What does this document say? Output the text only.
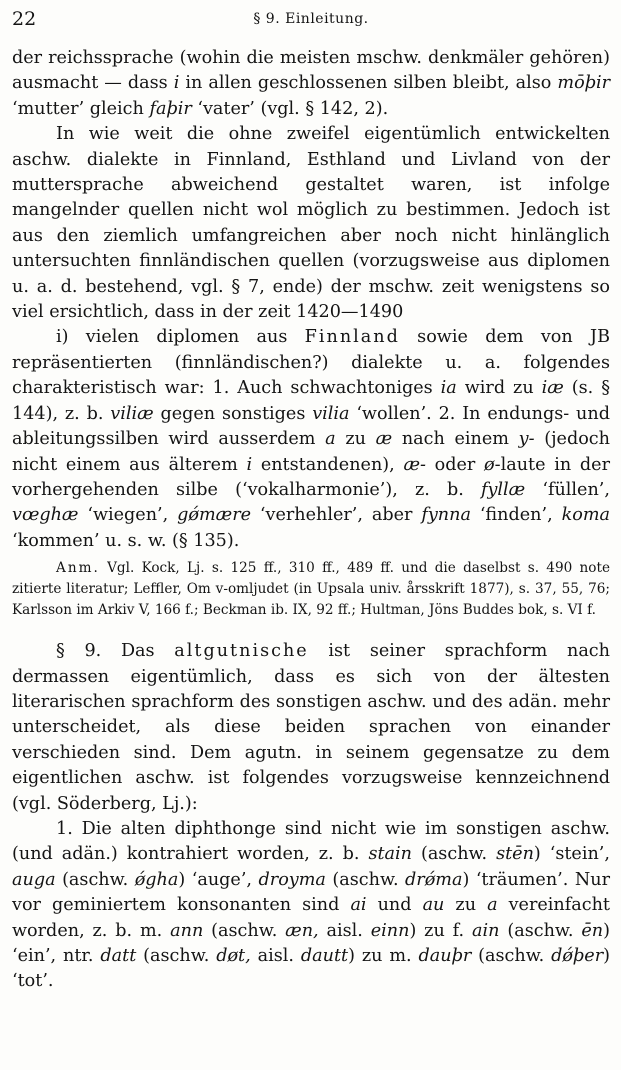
22	§ 9. Einleitung.

der reichssprache (wohin die meisten mschw. denkmäler gehören) ausmacht — dass i in allen geschlossenen silben bleibt, also mōþir ‘mutter’ gleich faþir ‘vater’ (vgl. § 142, 2).

In wie weit die ohne zweifel eigentümlich entwickelten aschw. dialekte in Finnland, Esthland und Livland von der muttersprache abweichend gestaltet waren, ist infolge mangelnder quellen nicht wol möglich zu bestimmen. Jedoch ist aus den ziemlich umfangreichen aber noch nicht hinlänglich untersuchten finnländischen quellen (vorzugsweise aus diplomen u. a. d. bestehend, vgl. § 7, ende) der mschw. zeit wenigstens so viel ersichtlich, dass in der zeit 1420—1490

i) vielen diplomen aus Finnland sowie dem von JB repräsentierten (finnländischen?) dialekte u. a. folgendes charakteristisch war: 1. Auch schwachtoniges ia wird zu iæ (s. § 144), z. b. viliæ gegen sonstiges vilia ‘wollen’. 2. In endungs- und ableitungssilben wird ausserdem a zu æ nach einem y- (jedoch nicht einem aus älterem i entstandenen), æ- oder ø-laute in der vorhergehenden silbe (‘vokalharmonie’), z. b. fyllæ ‘füllen’, vœghæ ‘wiegen’, gǿmære ‘verhehler’, aber fynna ‘finden’, koma ‘kommen’ u. s. w. (§ 135).

Anm. Vgl. Kock, Lj. s. 125 ff., 310 ff., 489 ff. und die daselbst s. 490 note zitierte literatur; Leffler, Om v-omljudet (in Upsala univ. årsskrift 1877), s. 37, 55, 76; Karlsson im Arkiv V, 166 f.; Beckman ib. IX, 92 ff.; Hultman, Jöns Buddes bok, s. VI f.

§ 9. Das altgutnische ist seiner sprachform nach dermassen eigentümlich, dass es sich von der ältesten literarischen sprachform des sonstigen aschw. und des adän. mehr unterscheidet, als diese beiden sprachen von einander verschieden sind. Dem agutn. in seinem gegensatze zu dem eigentlichen aschw. ist folgendes vorzugsweise kennzeichnend (vgl. Söderberg, Lj.):

1. Die alten diphthonge sind nicht wie im sonstigen aschw. (und adän.) kontrahiert worden, z. b. stain (aschw. stēn) ‘stein’, auga (aschw. ǿgha) ‘auge’, droyma (aschw. drǿma) ‘träumen’. Nur vor geminiertem konsonanten sind ai und au zu a vereinfacht worden, z. b. m. ann (aschw. æn, aisl. einn) zu f. ain (aschw. ēn) ‘ein’, ntr. datt (aschw. døt, aisl. dautt) zu m. dauþr (aschw. dǿþer) ‘tot’.
